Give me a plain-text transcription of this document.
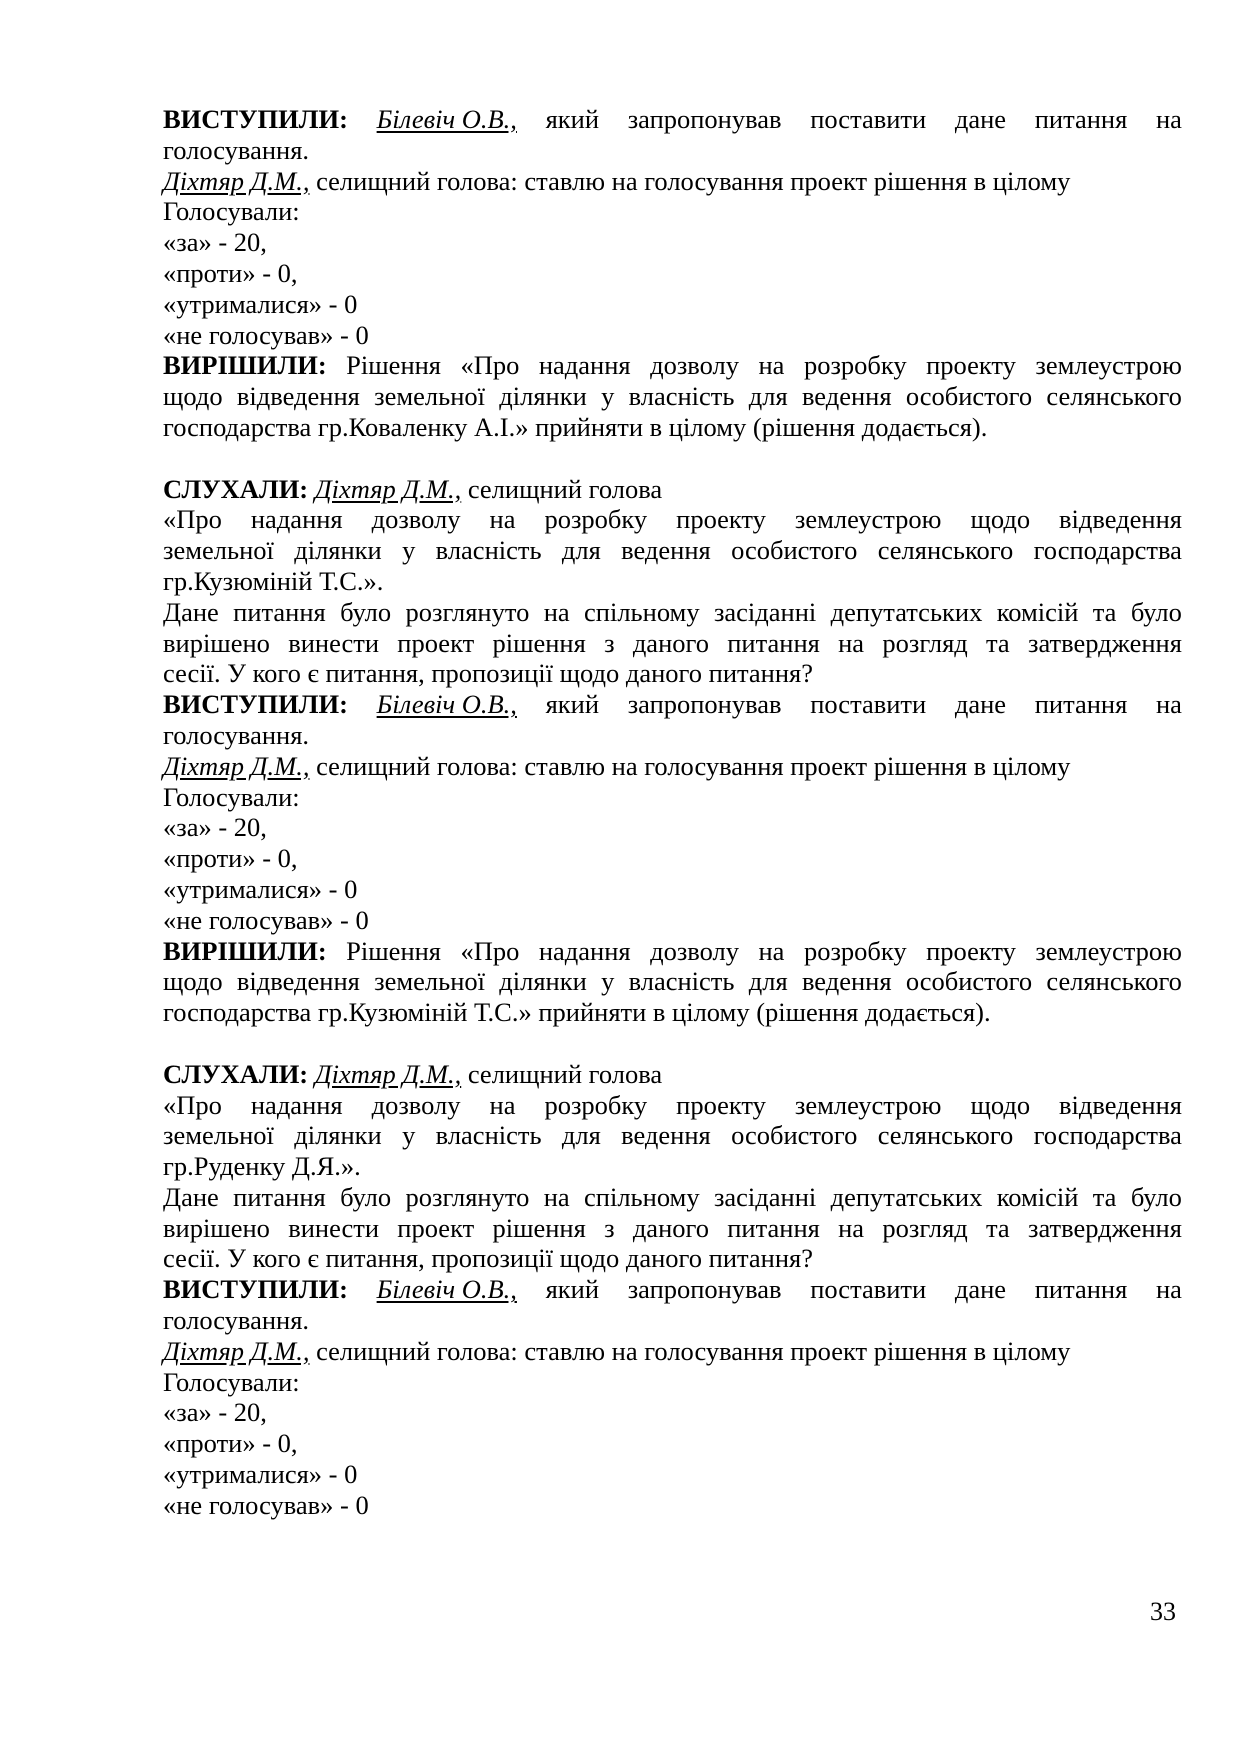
ВИСТУПИЛИ: Білевіч О.В., який запропонував поставити дане питання на
голосування.
Діхтяр Д.М., селищний голова: ставлю на голосування проект рішення в цілому
Голосували:
«за» - 20,
«проти» - 0,
«утрималися» - 0
«не голосував» - 0
ВИРІШИЛИ: Рішення «Про надання дозволу на розробку проекту землеустрою
щодо відведення земельної ділянки у власність для ведення особистого селянського
господарства гр.Коваленку А.І.» прийняти в цілому (рішення додається).
СЛУХАЛИ: Діхтяр Д.М., селищний голова
«Про надання дозволу на розробку проекту землеустрою щодо відведення
земельної ділянки у власність для ведення особистого селянського господарства
гр.Кузюміній Т.С.».
Дане питання було розглянуто на спільному засіданні депутатських комісій та було
вирішено винести проект рішення з даного питання на розгляд та затвердження
сесії. У кого є питання, пропозиції щодо даного питання?
ВИСТУПИЛИ: Білевіч О.В., який запропонував поставити дане питання на
голосування.
Діхтяр Д.М., селищний голова: ставлю на голосування проект рішення в цілому
Голосували:
«за» - 20,
«проти» - 0,
«утрималися» - 0
«не голосував» - 0
ВИРІШИЛИ: Рішення «Про надання дозволу на розробку проекту землеустрою
щодо відведення земельної ділянки у власність для ведення особистого селянського
господарства гр.Кузюміній Т.С.» прийняти в цілому (рішення додається).
СЛУХАЛИ: Діхтяр Д.М., селищний голова
«Про надання дозволу на розробку проекту землеустрою щодо відведення
земельної ділянки у власність для ведення особистого селянського господарства
гр.Руденку Д.Я.».
Дане питання було розглянуто на спільному засіданні депутатських комісій та було
вирішено винести проект рішення з даного питання на розгляд та затвердження
сесії. У кого є питання, пропозиції щодо даного питання?
ВИСТУПИЛИ: Білевіч О.В., який запропонував поставити дане питання на
голосування.
Діхтяр Д.М., селищний голова: ставлю на голосування проект рішення в цілому
Голосували:
«за» - 20,
«проти» - 0,
«утрималися» - 0
«не голосував» - 0
33
